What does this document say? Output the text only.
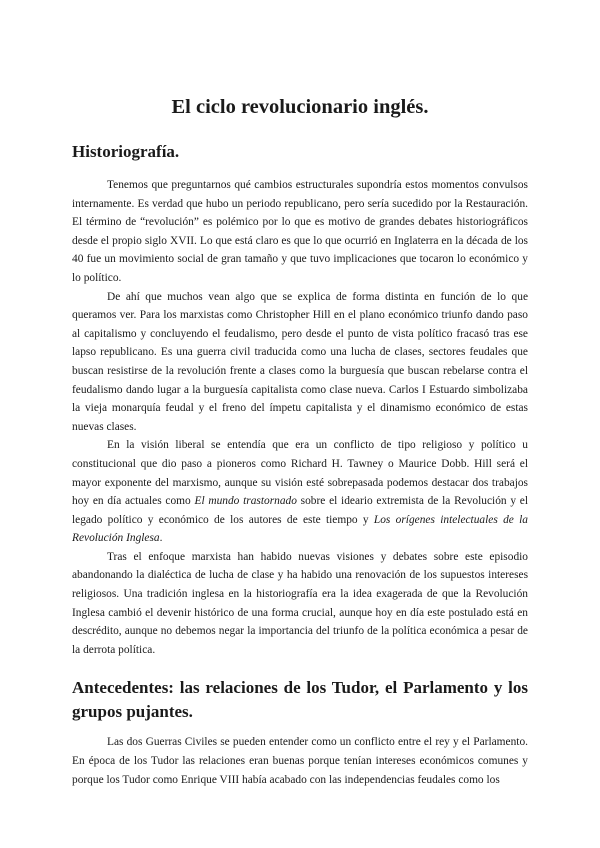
El ciclo revolucionario inglés.
Historiografía.

Tenemos que preguntarnos qué cambios estructurales supondría estos momentos convulsos internamente. Es verdad que hubo un periodo republicano, pero sería sucedido por la Restauración. El término de “revolución” es polémico por lo que es motivo de grandes debates historiográficos desde el propio siglo XVII. Lo que está claro es que lo que ocurrió en Inglaterra en la década de los 40 fue un movimiento social de gran tamaño y que tuvo implicaciones que tocaron lo económico y lo político.

De ahí que muchos vean algo que se explica de forma distinta en función de lo que queramos ver. Para los marxistas como Christopher Hill en el plano económico triunfo dando paso al capitalismo y concluyendo el feudalismo, pero desde el punto de vista político fracasó tras ese lapso republicano. Es una guerra civil traducida como una lucha de clases, sectores feudales que buscan resistirse de la revolución frente a clases como la burguesía que buscan rebelarse contra el feudalismo dando lugar a la burguesía capitalista como clase nueva. Carlos I Estuardo simbolizaba la vieja monarquía feudal y el freno del ímpetu capitalista y el dinamismo económico de estas nuevas clases.

En la visión liberal se entendía que era un conflicto de tipo religioso y político u constitucional que dio paso a pioneros como Richard H. Tawney o Maurice Dobb. Hill será el mayor exponente del marxismo, aunque su visión esté sobrepasada podemos destacar dos trabajos hoy en día actuales como El mundo trastornado sobre el ideario extremista de la Revolución y el legado político y económico de los autores de este tiempo y Los orígenes intelectuales de la Revolución Inglesa.

Tras el enfoque marxista han habido nuevas visiones y debates sobre este episodio abandonando la dialéctica de lucha de clase y ha habido una renovación de los supuestos intereses religiosos. Una tradición inglesa en la historiografía era la idea exagerada de que la Revolución Inglesa cambió el devenir histórico de una forma crucial, aunque hoy en día este postulado está en descrédito, aunque no debemos negar la importancia del triunfo de la política económica a pesar de la derrota política.

Antecedentes: las relaciones de los Tudor, el Parlamento y los grupos pujantes.

Las dos Guerras Civiles se pueden entender como un conflicto entre el rey y el Parlamento. En época de los Tudor las relaciones eran buenas porque tenían intereses económicos comunes y porque los Tudor como Enrique VIII había acabado con las independencias feudales como los
